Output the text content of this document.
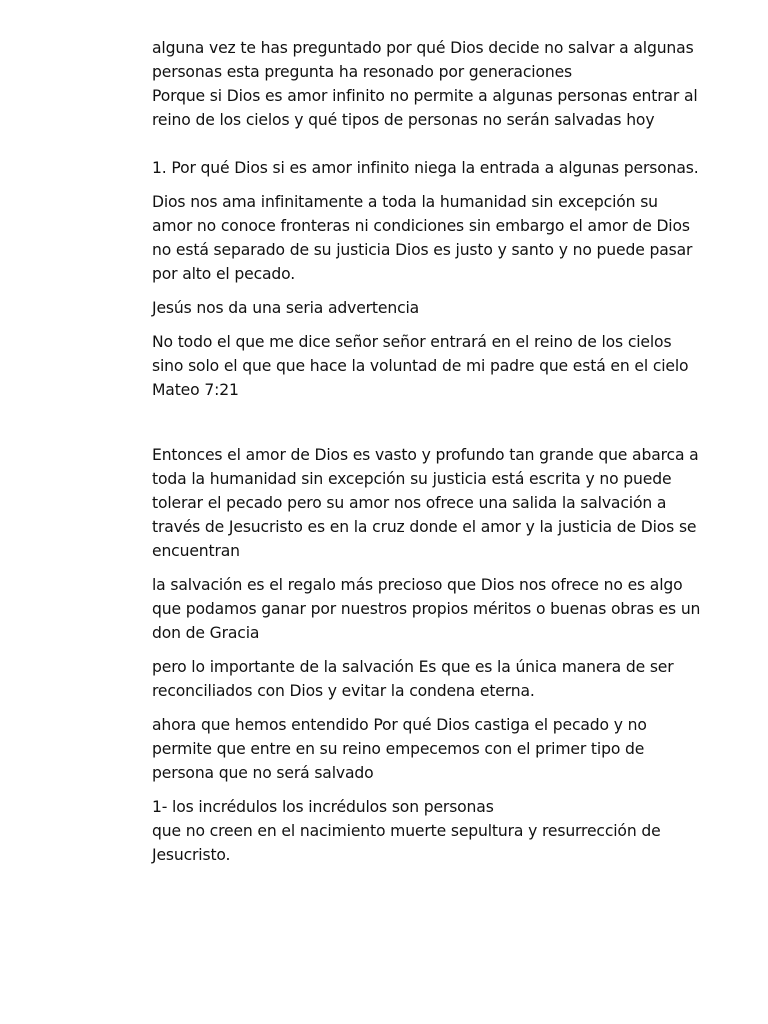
alguna vez te has preguntado por qué Dios decide no salvar a algunas
personas esta pregunta ha resonado por generaciones
Porque si Dios es amor infinito no permite a algunas personas entrar al
reino de los cielos y qué tipos de personas no serán salvadas hoy

1. Por qué Dios si es amor infinito niega la entrada a algunas personas.

Dios nos ama infinitamente a toda la humanidad sin excepción su
amor no conoce fronteras ni condiciones sin embargo el amor de Dios
no está separado de su justicia Dios es justo y santo y no puede pasar
por alto el pecado.

Jesús nos da una seria advertencia

No todo el que me dice señor señor entrará en el reino de los cielos
sino solo el que que hace la voluntad de mi padre que está en el cielo
Mateo 7:21

Entonces el amor de Dios es vasto y profundo tan grande que abarca a
toda la humanidad sin excepción su justicia está escrita y no puede
tolerar el pecado pero su amor nos ofrece una salida la salvación a
través de Jesucristo es en la cruz donde el amor y la justicia de Dios se
encuentran

la salvación es el regalo más precioso que Dios nos ofrece no es algo
que podamos ganar por nuestros propios méritos o buenas obras es un
don de Gracia

pero lo importante de la salvación Es que es la única manera de ser
reconciliados con Dios y evitar la condena eterna.

ahora que hemos entendido Por qué Dios castiga el pecado y no
permite que entre en su reino empecemos con el primer tipo de
persona que no será salvado

1- los incrédulos los incrédulos son personas
que no creen en el nacimiento muerte sepultura y resurrección de
Jesucristo.
